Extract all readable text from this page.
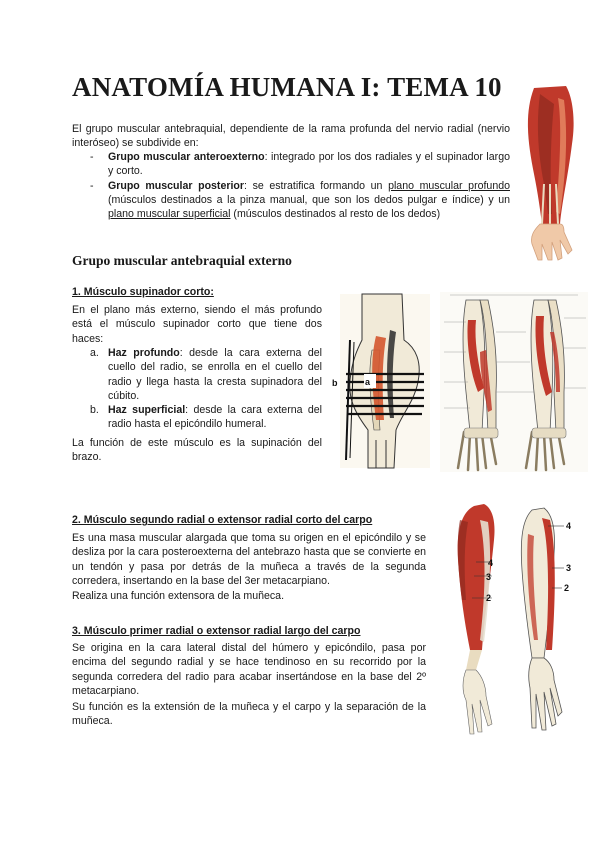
ANATOMÍA HUMANA I: TEMA 10
El grupo muscular antebraquial, dependiente de la rama profunda del nervio radial (nervio interóseo) se subdivide en:
- Grupo muscular anteroexterno: integrado por los dos radiales y el supinador largo y corto.
- Grupo muscular posterior: se estratifica formando un plano muscular profundo (músculos destinados a la pinza manual, que son los dedos pulgar e índice) y un plano muscular superficial (músculos destinados al resto de los dedos)
Grupo muscular antebraquial externo
1. Músculo supinador corto:
En el plano más externo, siendo el más profundo está el músculo supinador corto que tiene dos haces:
a. Haz profundo: desde la cara externa del cuello del radio, se enrolla en el cuello del radio y llega hasta la cresta supinadora del cúbito.
b. Haz superficial: desde la cara externa del radio hasta el epicóndilo humeral.
La función de este músculo es la supinación del brazo.
a
b
2. Músculo segundo radial o extensor radial corto del carpo
Es una masa muscular alargada que toma su origen en el epicóndilo y se desliza por la cara posteroexterna del antebrazo hasta que se convierte en un tendón y pasa por detrás de la muñeca a través de la segunda corredera, insertando en la base del 3er metacarpiano.
Realiza una función extensora de la muñeca.
3. Músculo primer radial o extensor radial largo del carpo
Se origina en la cara lateral distal del húmero y epicóndilo, pasa por encima del segundo radial y se hace tendinoso en su recorrido por la segunda corredera del radio para acabar insertándose en la base del 2º metacarpiano.
Su función es la extensión de la muñeca y el carpo y la separación de la muñeca.
4
3
2
4
3
2
